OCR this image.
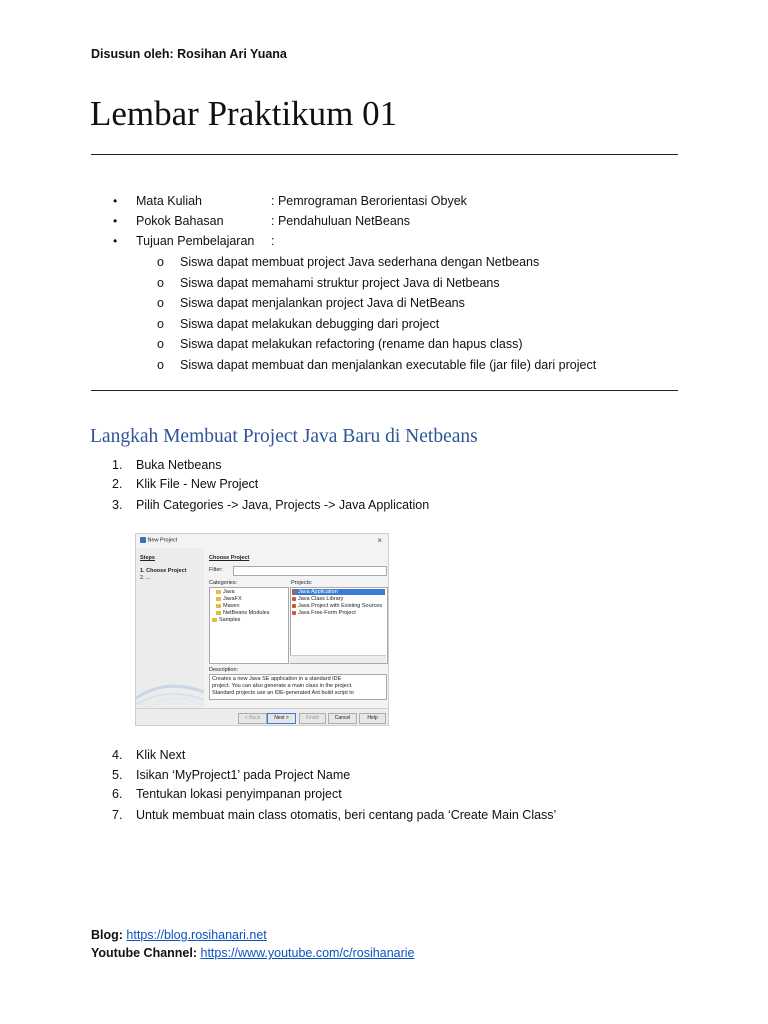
Disusun oleh: Rosihan Ari Yuana
Lembar Praktikum 01
• Mata Kuliah	: Pemrograman Berorientasi Obyek
• Pokok Bahasan	: Pendahuluan NetBeans
• Tujuan Pembelajaran :
o Siswa dapat membuat project Java sederhana dengan Netbeans
o Siswa dapat memahami struktur project Java di Netbeans
o Siswa dapat menjalankan project Java di NetBeans
o Siswa dapat melakukan debugging dari project
o Siswa dapat melakukan refactoring (rename dan hapus class)
o Siswa dapat membuat dan menjalankan executable file (jar file) dari project
Langkah Membuat Project Java Baru di Netbeans
1. Buka Netbeans
2. Klik File - New Project
3. Pilih Categories -> Java, Projects -> Java Application
New Project	×
Steps
1. Choose Project
2. ...
Choose Project
Filter:
Categories:	Projects:
Java
JavaFX
Maven
NetBeans Modules
Samples
Java Application
Java Class Library
Java Project with Existing Sources
Java Free-Form Project
Description:
Creates a new Java SE application in a standard IDE
project. You can also generate a main class in the project.
Standard projects use an IDE-generated Ant build script to
< Back	Next >	Finish	Cancel	Help
4. Klik Next
5. Isikan ‘MyProject1’ pada Project Name
6. Tentukan lokasi penyimpanan project
7. Untuk membuat main class otomatis, beri centang pada ‘Create Main Class’
Blog: https://blog.rosihanari.net
Youtube Channel: https://www.youtube.com/c/rosihanarie
